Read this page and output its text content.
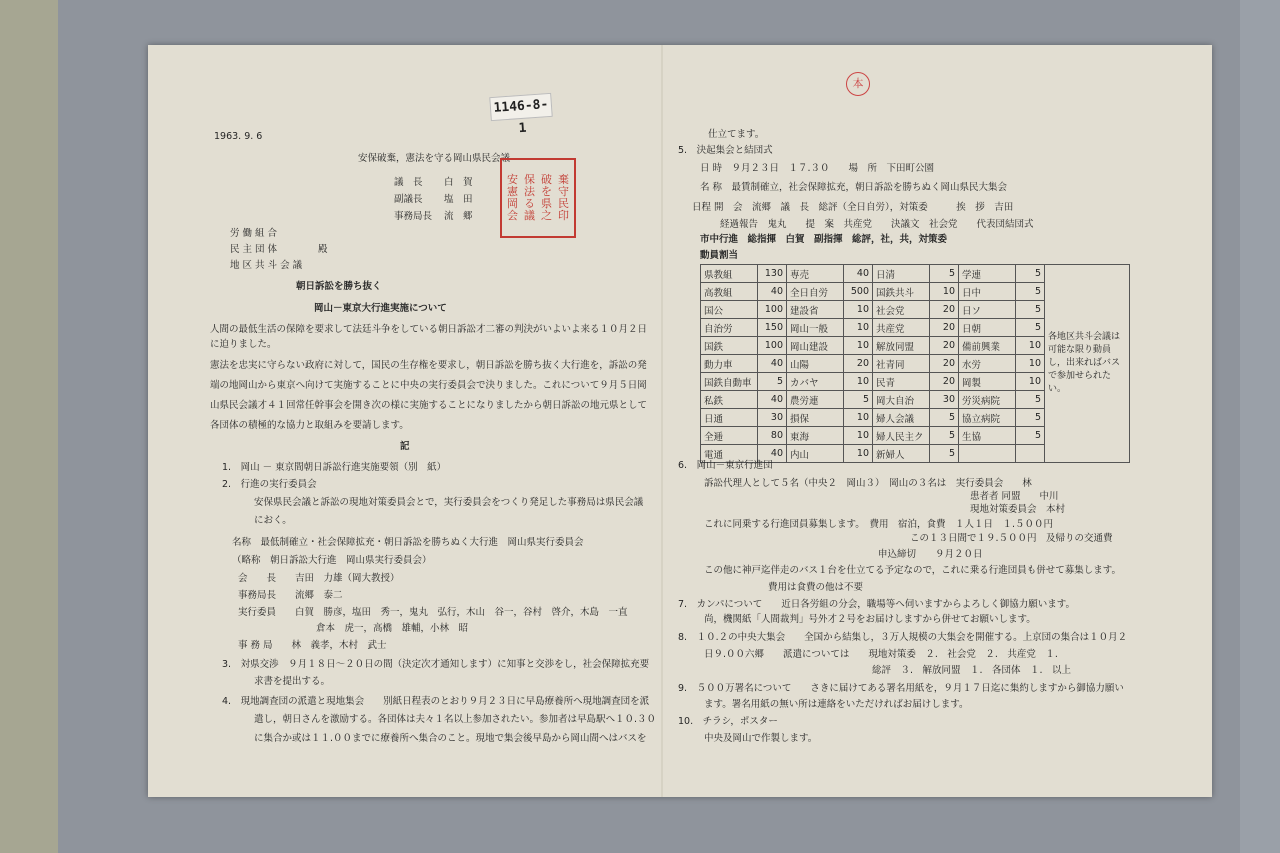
1146-8-1
本
1963. 9. 6
安保破棄，憲法を守る岡山県民会議
議　長 白　賀
副議長 塩　田
事務局長 流　郷
安 保 破 棄
憲 法 を 守
岡 る 県 民
会 議 之 印
労 働 組 合
民 主 団 体	殿
地 区 共 斗 会 議
朝日訴訟を勝ち抜く
岡山－東京大行進実施について
人間の最低生活の保障を要求して法廷斗争をしている朝日訴訟才二審の判決がいよいよ来る１０月２日
に迫りました。
憲法を忠実に守らない政府に対して，国民の生存権を要求し，朝日訴訟を勝ち抜く大行進を，訴訟の発
端の地岡山から東京へ向けて実施することに中央の実行委員会で決りました。これについて９月５日岡
山県民会議才４１回常任幹事会を開き次の様に実施することになりましたから朝日訴訟の地元県として
各団体の積極的な協力と取組みを要請します。
記
1.　岡山 － 東京間朝日訴訟行進実施要領（別　紙）
2.　行進の実行委員会
安保県民会議と訴訟の現地対策委員会とで，実行委員会をつくり発足した事務局は県民会議
におく。
名称　最低制確立・社会保障拡充・朝日訴訟を勝ちぬく大行進　岡山県実行委員会
（略称　朝日訴訟大行進　岡山県実行委員会）
会　　長　　吉田　力雄（岡大教授）
事務局長　　流郷　泰二
実行委員　　白賀　勝彦，塩田　秀一，鬼丸　弘行，木山　谷一，谷村　啓介，木島　一直
倉本　虎一，高橋　雄輔，小林　昭
事 務 局　　林　義孝，木村　武士
3.　対県交渉　９月１８日～２０日の間（決定次才通知します）に知事と交渉をし，社会保障拡充要
求書を提出する。
4.　現地調査団の派遣と現地集会　　別紙日程表のとおり９月２３日に早島療養所へ現地調査団を派
遣し，朝日さんを激励する。各団体は夫々１名以上参加されたい。参加者は早島駅へ１０.３０
に集合か或は１１.００までに療養所へ集合のこと。現地で集会後早島から岡山間へはバスを
仕立てます。
5.　決起集会と結団式
日 時　９月２３日　１７.３０　　場　所　下田町公園
名 称　最賃制確立，社会保障拡充，朝日訴訟を勝ちぬく岡山県民大集会
日程 開　会　流郷　議　長　総評（全日自労），対策委　　　挨　拶　吉田
経過報告　鬼丸　　提　案　共産党　　決議文　社会党　　代表団結団式
市中行進　総指揮　白賀　副指揮　総評，社，共，対策委
動員割当
県教組	130	専売	40	日清	5	学連	5	各地区共斗会議は可能な限り動員し，出来ればバスで参加せられたい。
高教組	40	全日自労	500	国鉄共斗	10	日中	5	
国公	100	建設省	10	社会党	20	日ソ	5	
自治労	150	岡山一般	10	共産党	20	日朝	5	
国鉄	100	岡山建設	10	解放同盟	20	備前興業	10	
動力車	40	山陽	20	社青同	20	水労	10	
国鉄自動車	5	カバヤ	10	民青	20	岡製	10	
私鉄	40	農労連	5	岡大自治	30	労災病院	5	
日通	30	損保	10	婦人会議	5	協立病院	5	
全逓	80	東海	10	婦人民主ク	5	生協	5	
電通	40	内山	10	新婦人	5			
6.　岡山－東京行進団
訴訟代理人として５名（中央２　岡山３）　岡山の３名は　実行委員会　　林
患者者 同盟　　中川
現地対策委員会　本村
これに同乗する行進団員募集します。　費用　宿泊，食費　１人１日　１.５００円
この１３日間で１９.５００円　及帰りの交通費
申込締切　　９月２０日
この他に神戸迄伴走のバス１台を仕立てる予定なので，これに乗る行進団員も併せて募集します。
費用は食費の他は不要
7.　カンパについて　　近日各労組の分会，職場等へ伺いますからよろしく御協力願います。
尚，機関紙「人間裁判」号外才２号をお届けしますから併せてお願いします。
8.　１０.２の中央大集会　　全国から結集し，３万人規模の大集会を開催する。上京団の集合は１０月２
日９.００六郷　　派遣については　　現地対策委　２.　社会党　２.　共産党　１.
総評　３.　解放同盟　１.　各団体　１.　以上
9.　５００万署名について　　さきに届けてある署名用紙を，９月１７日迄に集約しますから御協力願い
ます。署名用紙の無い所は連絡をいただければお届けします。
10.　チラシ，ポスター
中央及岡山で作製します。
